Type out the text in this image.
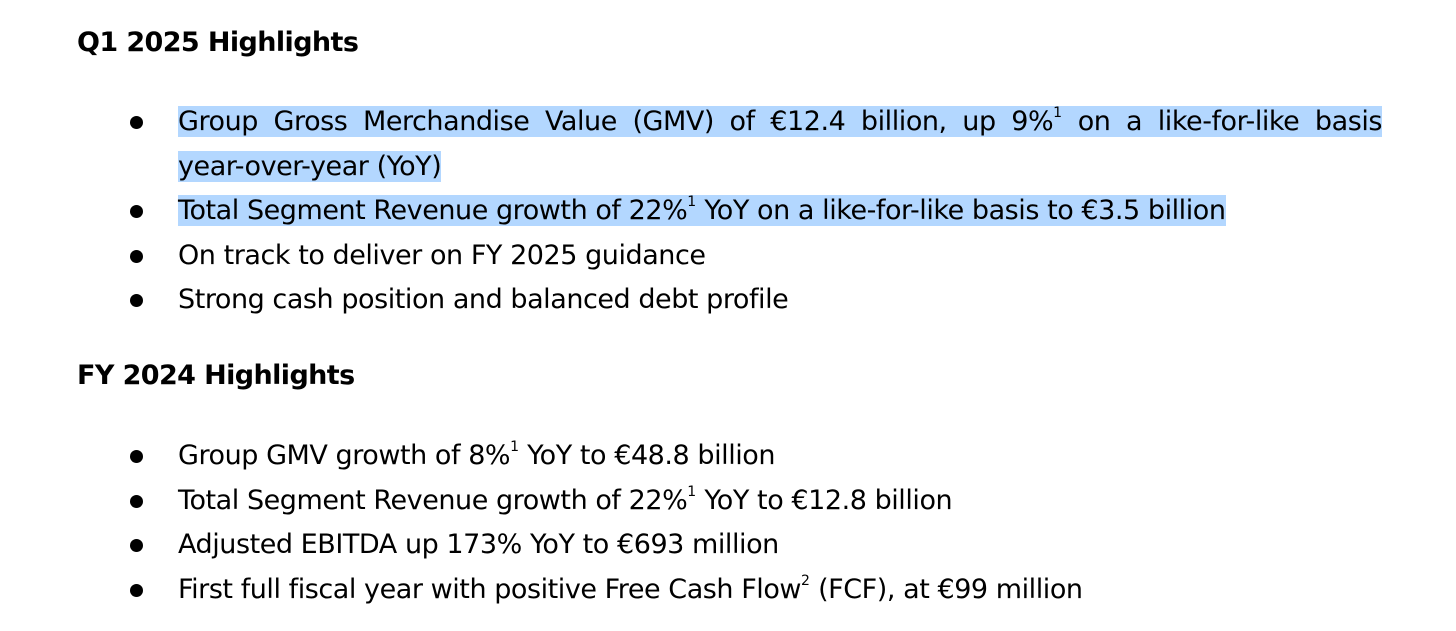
Q1 2025 Highlights
Group Gross Merchandise Value (GMV) of €12.4 billion, up 9%$^1$ on a like-for-like basis
year-over-year (YoY)
Total Segment Revenue growth of 22%$^1$ YoY on a like-for-like basis to €3.5 billion
On track to deliver on FY 2025 guidance
Strong cash position and balanced debt profile
FY 2024 Highlights
Group GMV growth of 8%$^1$ YoY to €48.8 billion
Total Segment Revenue growth of 22%$^1$ YoY to €12.8 billion
Adjusted EBITDA up 173% YoY to €693 million
First full fiscal year with positive Free Cash Flow$^2$ (FCF), at €99 million
